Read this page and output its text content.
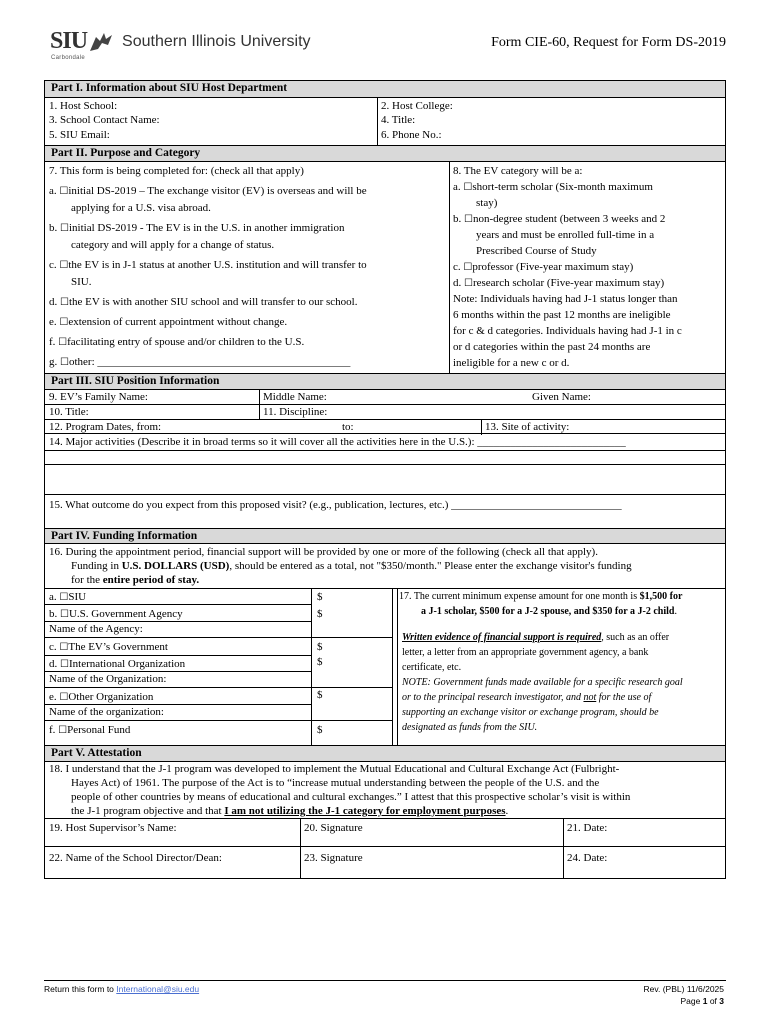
SIU
Carbondale
Southern Illinois University	Form CIE-60, Request for Form DS-2019
Part I. Information about SIU Host Department
1. Host School:
3. School Contact Name:
5. SIU Email:
2. Host College:
4. Title:
6. Phone No.:
Part II. Purpose and Category
7. This form is being completed for: (check all that apply)
a. ☐initial DS-2019 – The exchange visitor (EV) is overseas and will be
applying for a U.S. visa abroad.
b. ☐initial DS-2019 - The EV is in the U.S. in another immigration
category and will apply for a change of status.
c. ☐the EV is in J-1 status at another U.S. institution and will transfer to
SIU.
d. ☐the EV is with another SIU school and will transfer to our school.
e. ☐extension of current appointment without change.
f. ☐facilitating entry of spouse and/or children to the U.S.
g. ☐other: ______________________________________________
8. The EV category will be a:
a. ☐short-term scholar (Six-month maximum
stay)
b. ☐non-degree student (between 3 weeks and 2
years and must be enrolled full-time in a
Prescribed Course of Study
c. ☐professor (Five-year maximum stay)
d. ☐research scholar (Five-year maximum stay)
Note: Individuals having had J-1 status longer than
6 months within the past 12 months are ineligible
for c & d categories. Individuals having had J-1 in c
or d categories within the past 24 months are
ineligible for a new c or d.
Part III. SIU Position Information
9. EV’s Family Name:	Middle Name:	Given Name:
10. Title:	11. Discipline:
12. Program Dates, from:	to:	13. Site of activity:
14. Major activities (Describe it in broad terms so it will cover all the activities here in the U.S.): ___________________________
15. What outcome do you expect from this proposed visit? (e.g., publication, lectures, etc.) _______________________________
Part IV. Funding Information
16. During the appointment period, financial support will be provided by one or more of the following (check all that apply).
Funding in U.S. DOLLARS (USD), should be entered as a total, not "$350/month." Please enter the exchange visitor's funding
for the entire period of stay.
a. ☐SIU	$
b. ☐U.S. Government Agency	$
Name of the Agency:
c. ☐The EV’s Government	$
d. ☐International Organization	$
Name of the Organization:
e. ☐Other Organization	$
Name of the organization:
f. ☐Personal Fund	$
17. The current minimum expense amount for one month is $1,500 for
a J-1 scholar, $500 for a J-2 spouse, and $350 for a J-2 child.
Written evidence of financial support is required, such as an offer
letter, a letter from an appropriate government agency, a bank
certificate, etc.
NOTE: Government funds made available for a specific research goal
or to the principal research investigator, and not for the use of
supporting an exchange visitor or exchange program, should be
designated as funds from the SIU.
Part V. Attestation
18. I understand that the J-1 program was developed to implement the Mutual Educational and Cultural Exchange Act (Fulbright-
Hayes Act) of 1961. The purpose of the Act is to “increase mutual understanding between the people of the U.S. and the
people of other countries by means of educational and cultural exchanges.” I attest that this prospective scholar’s visit is within
the J-1 program objective and that I am not utilizing the J-1 category for employment purposes.
19. Host Supervisor’s Name:	20. Signature	21. Date:
22. Name of the School Director/Dean:	23. Signature	24. Date:
Return this form to International@siu.edu	Rev. (PBL) 11/6/2025
Page 1 of 3
